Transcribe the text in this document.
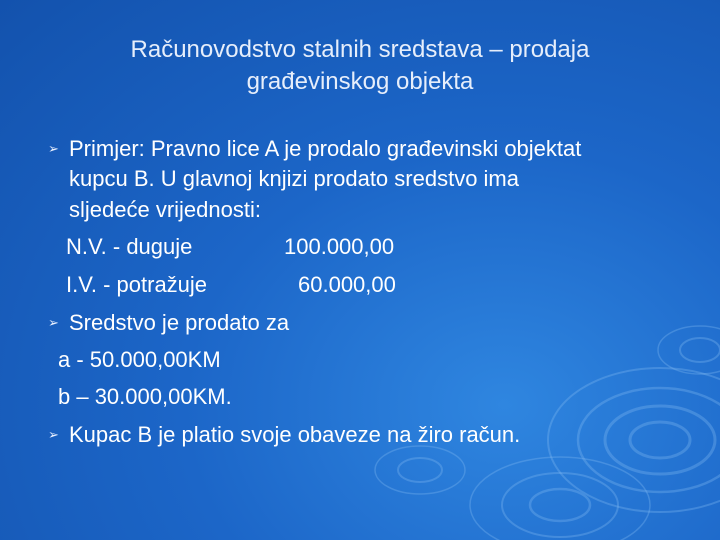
Računovodstvo stalnih sredstava – prodaja
građevinskog objekta
➢ Primjer: Pravno lice A je prodalo građevinski objektat
kupcu B. U glavnoj knjizi prodato sredstvo ima
sljedeće vrijednosti:
N.V. - duguje	100.000,00
I.V. - potražuje	60.000,00
➢ Sredstvo je prodato za
a - 50.000,00KM
b – 30.000,00KM.
➢ Kupac B je platio svoje obaveze na žiro račun.
